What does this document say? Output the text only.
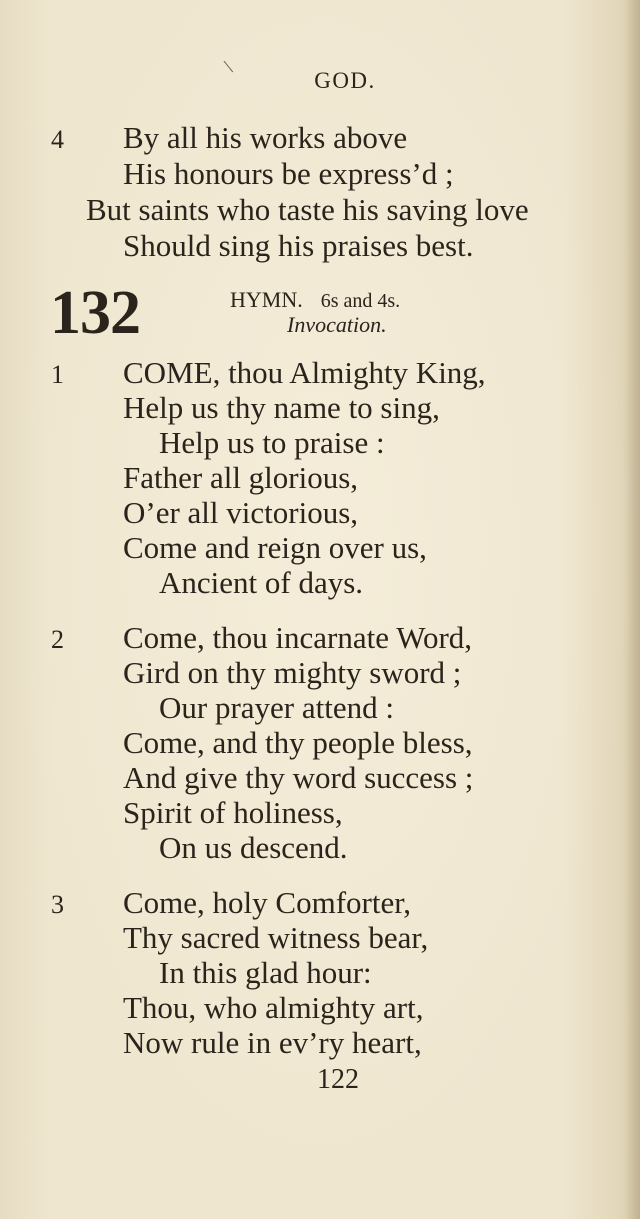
\
GOD.
4 By all his works above
His honours be express’d ;
But saints who taste his saving love
Should sing his praises best.
132	HYMN. 6s and 4s.
Invocation.
1 COME, thou Almighty King,
Help us thy name to sing,
Help us to praise :
Father all glorious,
O’er all victorious,
Come and reign over us,
Ancient of days.
2 Come, thou incarnate Word,
Gird on thy mighty sword ;
Our prayer attend :
Come, and thy people bless,
And give thy word success ;
Spirit of holiness,
On us descend.
3 Come, holy Comforter,
Thy sacred witness bear,
In this glad hour:
Thou, who almighty art,
Now rule in ev’ry heart,
122
